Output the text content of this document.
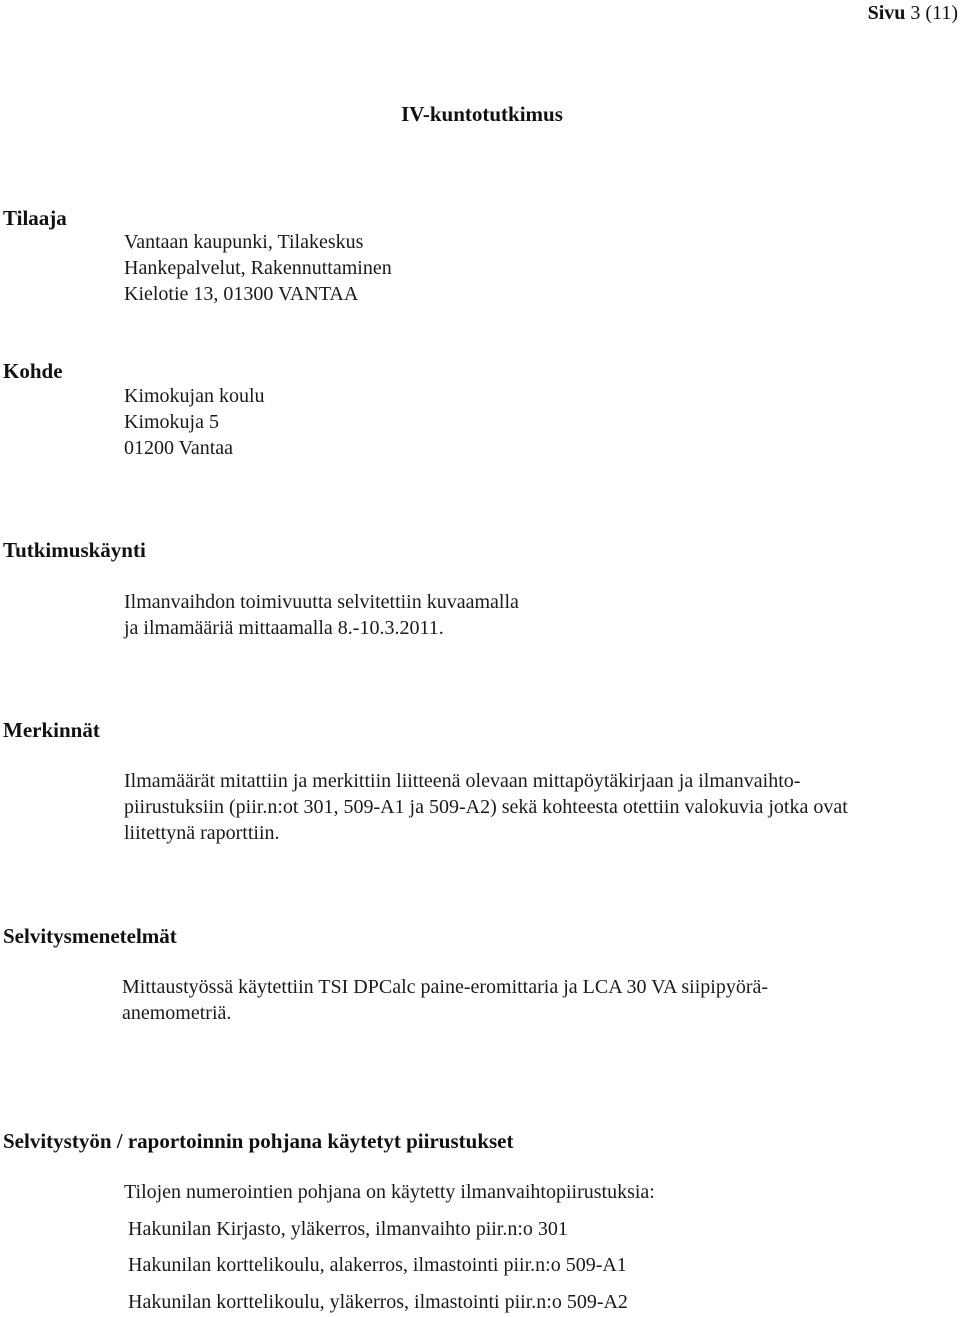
Sivu 3 (11)
IV-kuntotutkimus
Tilaaja
Vantaan kaupunki, Tilakeskus
Hankepalvelut, Rakennuttaminen
Kielotie 13, 01300 VANTAA
Kohde
Kimokujan koulu
Kimokuja 5
01200 Vantaa
Tutkimuskäynti
Ilmanvaihdon toimivuutta selvitettiin kuvaamalla
ja ilmamääriä mittaamalla 8.-10.3.2011.
Merkinnät
Ilmamäärät mitattiin ja merkittiin liitteenä olevaan mittapöytäkirjaan ja ilmanvaihto-
piirustuksiin (piir.n:ot 301, 509-A1 ja 509-A2) sekä kohteesta otettiin valokuvia jotka ovat
liitettynä raporttiin.
Selvitysmenetelmät
Mittaustyössä käytettiin TSI DPCalc paine-eromittaria ja LCA 30 VA siipipyörä-
anemometriä.
Selvitystyön / raportoinnin pohjana käytetyt piirustukset
Tilojen numerointien pohjana on käytetty ilmanvaihtopiirustuksia:
Hakunilan Kirjasto, yläkerros, ilmanvaihto piir.n:o 301
Hakunilan korttelikoulu, alakerros, ilmastointi piir.n:o 509-A1
Hakunilan korttelikoulu, yläkerros, ilmastointi piir.n:o 509-A2
